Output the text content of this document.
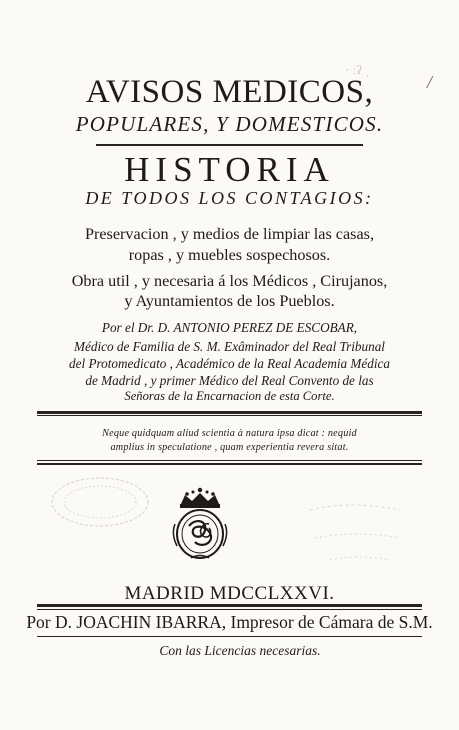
· ːʔ ˌ
/
AVISOS MEDICOS,
POPULARES, Y DOMESTICOS.
HISTORIA
DE TODOS LOS CONTAGIOS:
Preservacion , y medios de limpiar las casas,
ropas , y muebles sospechosos.
Obra util , y necesaria á los Médicos , Cirujanos,
y Ayuntamientos de los Pueblos.
Por el Dr. D. ANTONIO PEREZ DE ESCOBAR,
Médico de Familia de S. M. Exâminador del Real Tribunal
del Protomedicato , Académico de la Real Academia Médica
de Madrid , y primer Médico del Real Convento de las
Señoras de la Encarnacion de esta Corte.
Neque quidquam aliud scientia à natura ipsa dicat : nequid
amplius in speculatione , quam experientia revera sitat.
MADRID MDCCLXXVI.
Por D. JOACHIN IBARRA, Impresor de Cámara de S.M.
Con las Licencias necesarias.
